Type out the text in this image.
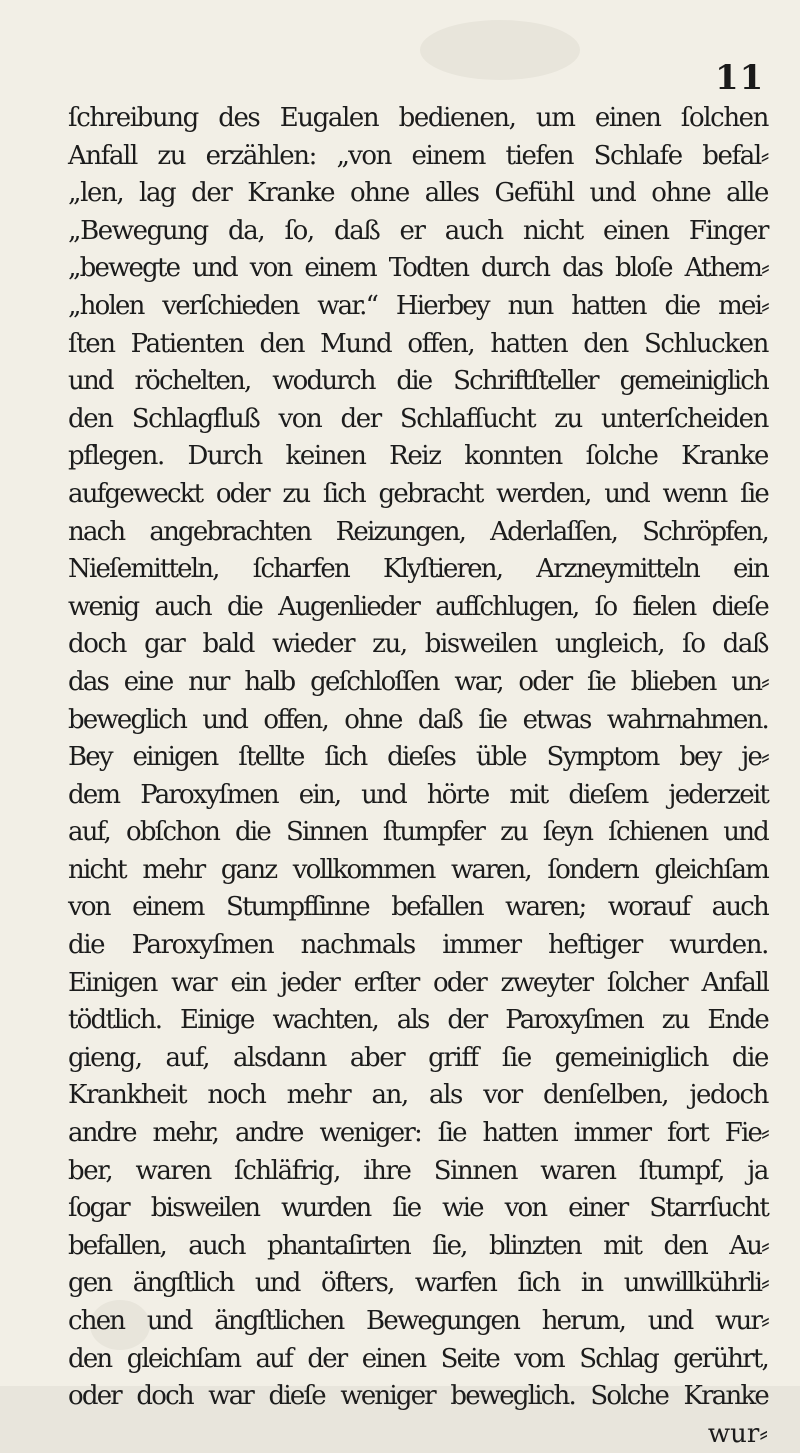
11
ſchreibung des Eugalen bedienen, um einen ſolchen
Anfall zu erzählen: „von einem tiefen Schlafe befal⸗
„len, lag der Kranke ohne alles Gefühl und ohne alle
„Bewegung da, ſo, daß er auch nicht einen Finger
„bewegte und von einem Todten durch das bloſe Athem⸗
„holen verſchieden war.“ Hierbey nun hatten die mei⸗
ſten Patienten den Mund offen, hatten den Schlucken
und röchelten, wodurch die Schriftſteller gemeiniglich
den Schlagfluß von der Schlafſucht zu unterſcheiden
pflegen. Durch keinen Reiz konnten ſolche Kranke
aufgeweckt oder zu ſich gebracht werden, und wenn ſie
nach angebrachten Reizungen, Aderlaſſen, Schröpfen,
Nieſemitteln, ſcharfen Klyſtieren, Arzneymitteln ein
wenig auch die Augenlieder aufſchlugen, ſo fielen dieſe
doch gar bald wieder zu, bisweilen ungleich, ſo daß
das eine nur halb geſchloſſen war, oder ſie blieben un⸗
beweglich und offen, ohne daß ſie etwas wahrnahmen.
Bey einigen ſtellte ſich dieſes üble Symptom bey je⸗
dem Paroxyſmen ein, und hörte mit dieſem jederzeit
auf, obſchon die Sinnen ſtumpfer zu ſeyn ſchienen und
nicht mehr ganz vollkommen waren, ſondern gleichſam
von einem Stumpfſinne befallen waren; worauf auch
die Paroxyſmen nachmals immer heftiger wurden.
Einigen war ein jeder erſter oder zweyter ſolcher Anfall
tödtlich. Einige wachten, als der Paroxyſmen zu Ende
gieng, auf, alsdann aber griff ſie gemeiniglich die
Krankheit noch mehr an, als vor denſelben, jedoch
andre mehr, andre weniger: ſie hatten immer fort Fie⸗
ber, waren ſchläfrig, ihre Sinnen waren ſtumpf, ja
ſogar bisweilen wurden ſie wie von einer Starrſucht
befallen, auch phantaſirten ſie, blinzten mit den Au⸗
gen ängſtlich und öfters, warfen ſich in unwillkührli⸗
chen und ängſtlichen Bewegungen herum, und wur⸗
den gleichſam auf der einen Seite vom Schlag gerührt,
oder doch war dieſe weniger beweglich. Solche Kranke
wur⸗
